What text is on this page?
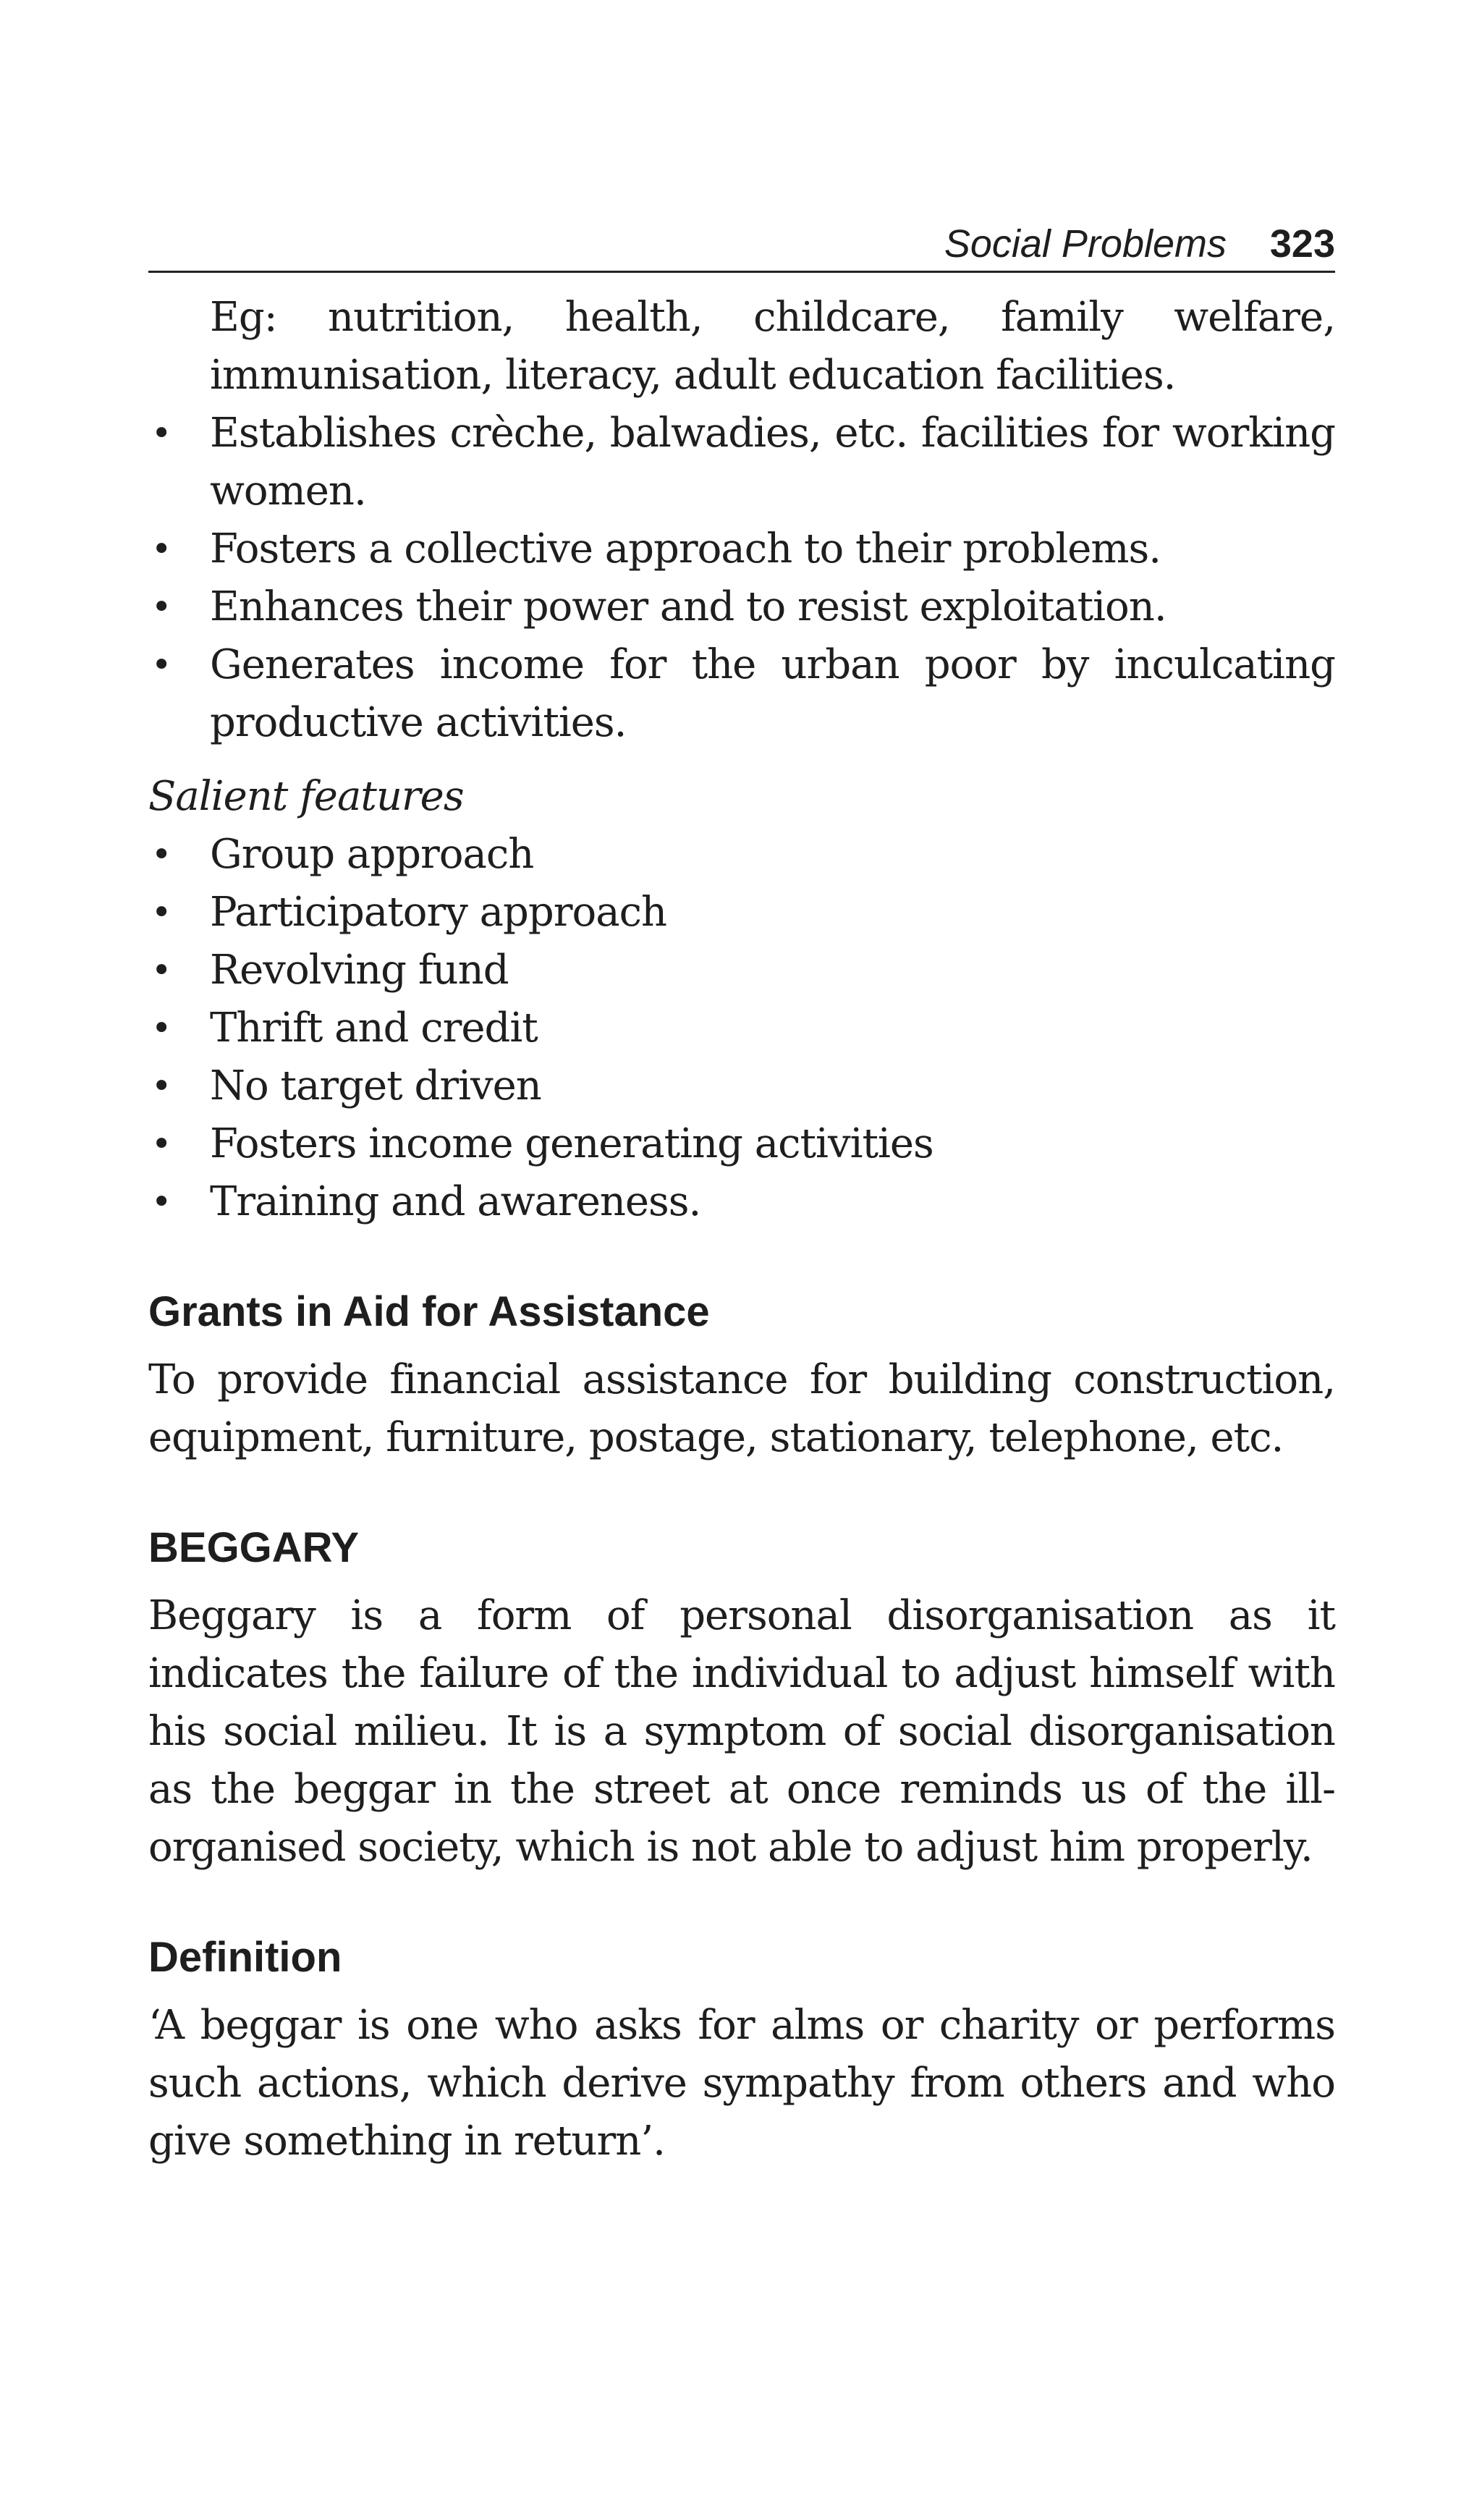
Social Problems 323

Eg: nutrition, health, childcare, family welfare, immunisation, literacy, adult education facilities.

• Establishes crèche, balwadies, etc. facilities for working women.
• Fosters a collective approach to their problems.
• Enhances their power and to resist exploitation.
• Generates income for the urban poor by inculcating productive activities.
Salient features
• Group approach
• Participatory approach
• Revolving fund
• Thrift and credit
• No target driven
• Fosters income generating activities
• Training and awareness.
Grants in Aid for Assistance

To provide financial assistance for building construction, equipment, furniture, postage, stationary, telephone, etc.

BEGGARY

Beggary is a form of personal disorganisation as it indicates the failure of the individual to adjust himself with his social milieu. It is a symptom of social disorganisation as the beggar in the street at once reminds us of the ill-organised society, which is not able to adjust him properly.

Definition

‘A beggar is one who asks for alms or charity or performs such actions, which derive sympathy from others and who give something in return’.
